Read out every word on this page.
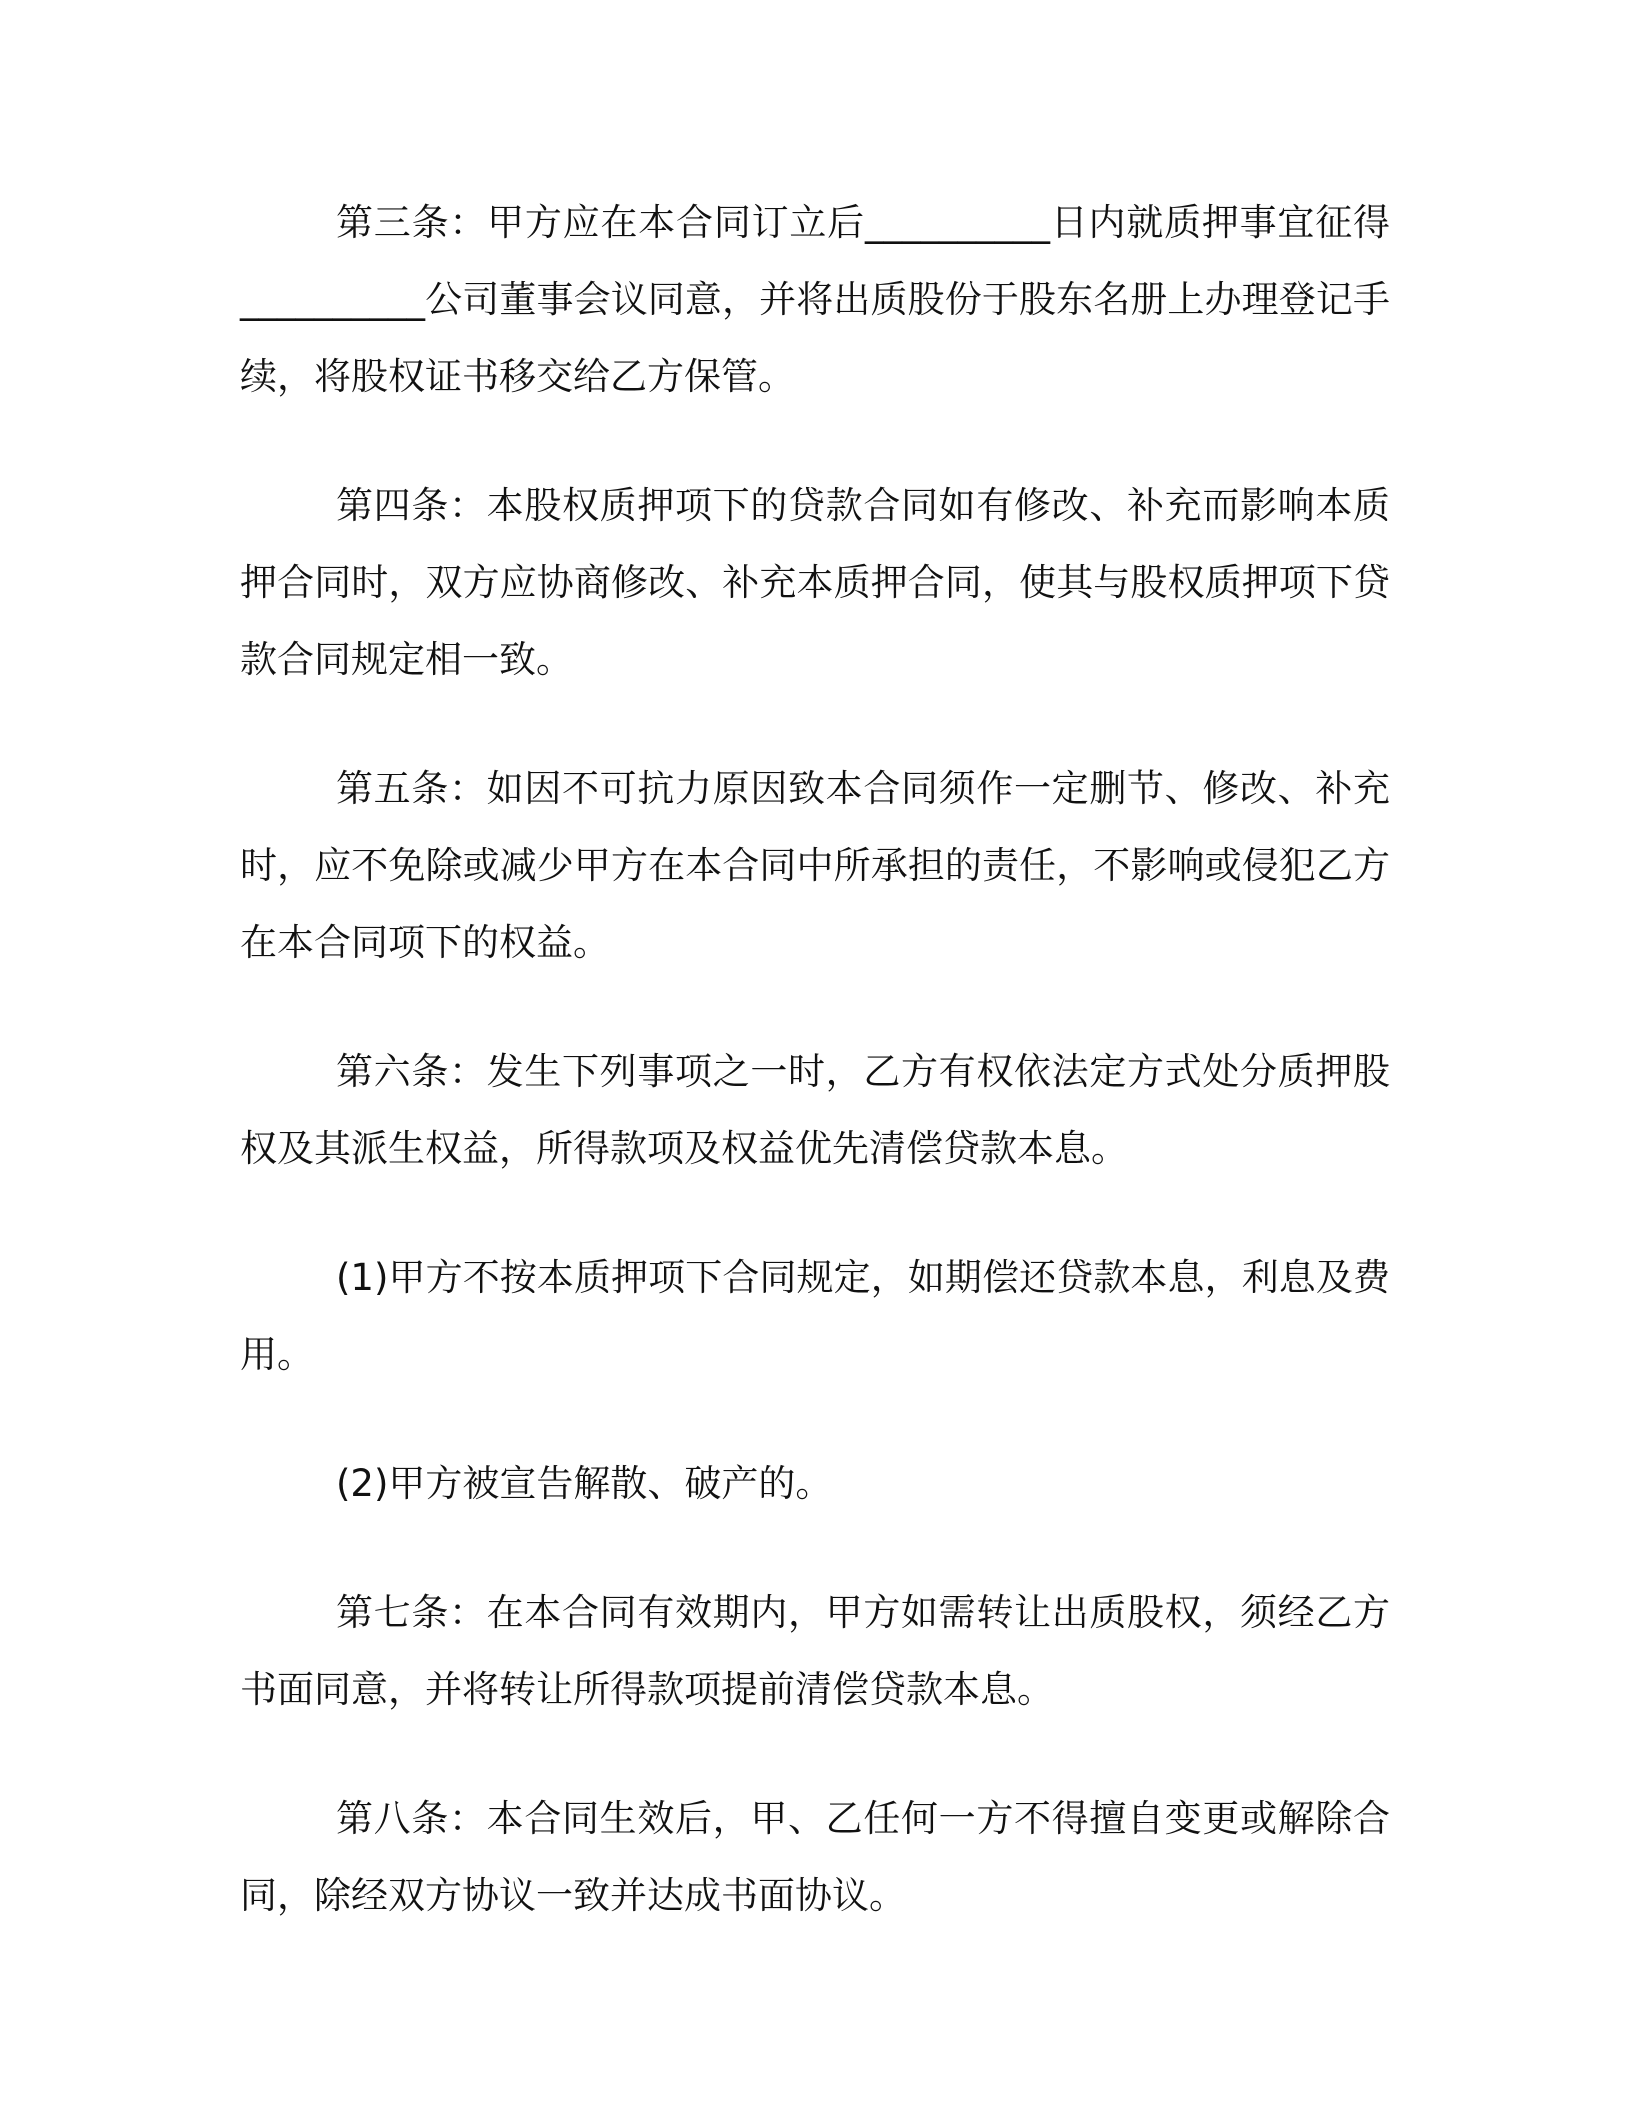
第三条：甲方应在本合同订立后__________日内就质押事宜征得__________公司董事会议同意，并将出质股份于股东名册上办理登记手续，将股权证书移交给乙方保管。

第四条：本股权质押项下的贷款合同如有修改、补充而影响本质押合同时，双方应协商修改、补充本质押合同，使其与股权质押项下贷款合同规定相一致。

第五条：如因不可抗力原因致本合同须作一定删节、修改、补充时，应不免除或减少甲方在本合同中所承担的责任，不影响或侵犯乙方在本合同项下的权益。

第六条：发生下列事项之一时，乙方有权依法定方式处分质押股权及其派生权益，所得款项及权益优先清偿贷款本息。

(1)甲方不按本质押项下合同规定，如期偿还贷款本息，利息及费用。

(2)甲方被宣告解散、破产的。

第七条：在本合同有效期内，甲方如需转让出质股权，须经乙方书面同意，并将转让所得款项提前清偿贷款本息。

第八条：本合同生效后，甲、乙任何一方不得擅自变更或解除合同，除经双方协议一致并达成书面协议。
